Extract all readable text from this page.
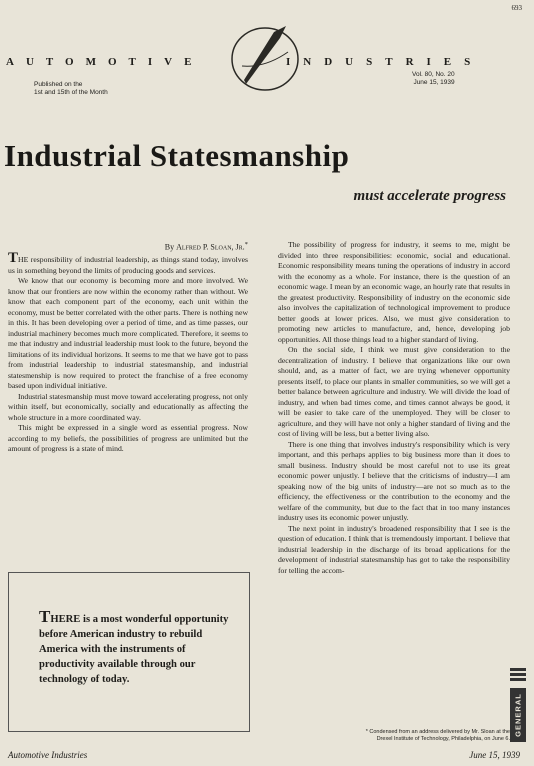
693
AUTOMOTIVE	INDUSTRIES
Published on the
1st and 15th of the Month
Vol. 80, No. 20
June 15, 1939
Industrial Statesmanship
must accelerate progress

By Alfred P. Sloan, Jr.*

THE responsibility of industrial leadership, as things stand today, involves us in something beyond the limits of producing goods and services.

We know that our economy is becoming more and more involved. We know that our frontiers are now within the economy rather than without. We know that each component part of the economy, each unit within the economy, must be better correlated with the other parts. There is nothing new in this. It has been developing over a period of time, and as time passes, our industrial machinery becomes much more complicated. Therefore, it seems to me that industry and industrial leadership must look to the future, beyond the limitations of its individual horizons. It seems to me that we have got to pass from industrial leadership to industrial statesmanship, and industrial statesmenship is now required to protect the franchise of a free economy based upon individual initiative.

Industrial statesmanship must move toward accelerating progress, not only within itself, but economically, socially and educationally as affecting the whole structure in a more coordinated way.

This might be expressed in a single word as essential progress. Now according to my beliefs, the possibilities of progress are unlimited but the amount of progress is a state of mind.

THERE is a most wonderful opportunity before American industry to rebuild America with the instruments of productivity available through our technology of today.

The possibility of progress for industry, it seems to me, might be divided into three responsibilities: economic, social and educational. Economic responsibility means tuning the operations of industry in accord with the economy as a whole. For instance, there is the question of an economic wage. I mean by an economic wage, an hourly rate that results in the greatest productivity. Responsibility of industry on the economic side also involves the capitalization of technological improvement to produce better goods at lower prices. Also, we must give consideration to promoting new articles to manufacture, and, hence, developing job opportunities. All those things lead to a higher standard of living.

On the social side, I think we must give consideration to the decentralization of industry. I believe that organizations like our own should, and, as a matter of fact, we are trying whenever opportunity presents itself, to place our plants in smaller communities, so we will get a better balance between agriculture and industry. We will divide the load of industry, and when bad times come, and times cannot always be good, it will be easier to take care of the unemployed. They will be closer to agriculture, and they will have not only a higher standard of living and the cost of living will be less, but a better living also.

There is one thing that involves industry's responsibility which is very important, and this perhaps applies to big business more than it does to small business. Industry should be most careful not to use its great economic power unjustly. I believe that the criticisms of industry—I am speaking now of the big units of industry—are not so much as to the efficiency, the effectiveness or the contribution to the economy and the welfare of the community, but due to the fact that in too many instances industry uses its economic power unjustly.

The next point in industry's broadened responsibility that I see is the question of education. I think that is tremendously important. I believe that industrial leadership in the discharge of its broad applications for the development of industrial statesmanship has got to take the responsibility for telling the accom-

* Condensed from an address delivered by Mr. Sloan at the
Drexel Institute of Technology, Philadelphia, on June 6.
GENERAL
Automotive Industries	June 15, 1939
